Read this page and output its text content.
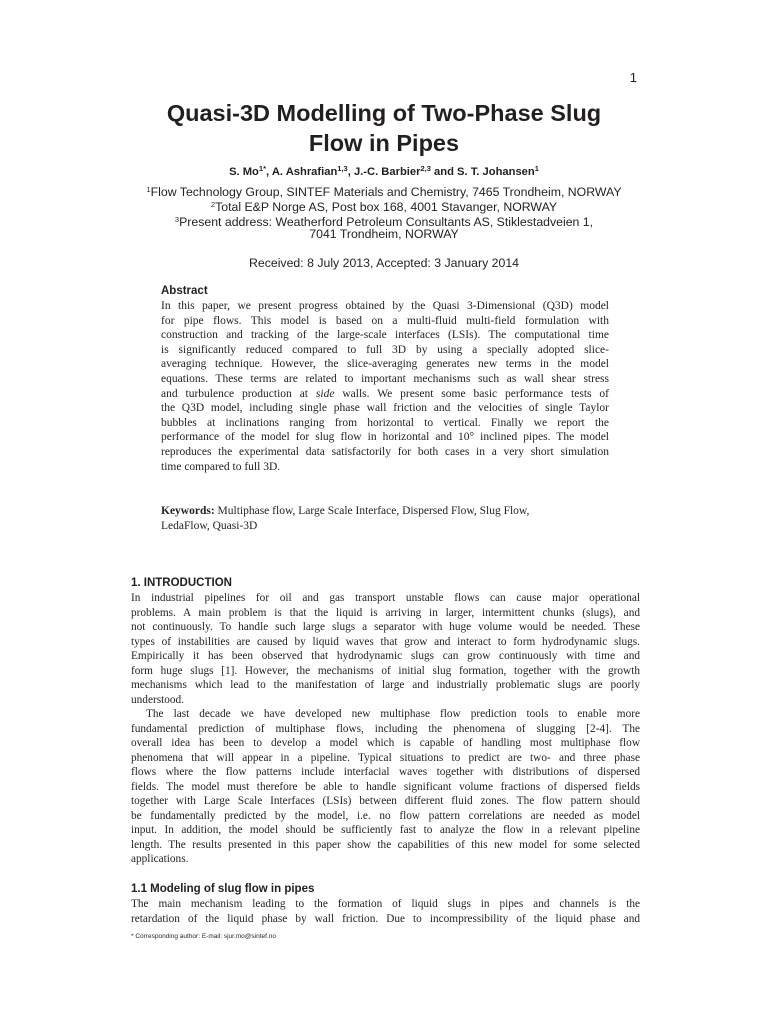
1
Quasi-3D Modelling of Two-Phase Slug
Flow in Pipes
S. $Mo^{1*}$, A. Ashrafian$^{1,3}$, J.-C. Barbier$^{2,3}$ and S. T. Johansen$^1$
$^1$Flow Technology Group, SINTEF Materials and Chemistry, 7465 Trondheim, NORWAY
$^2$Total E&P Norge AS, Post box 168, 4001 Stavanger, NORWAY
$^3$Present address: Weatherford Petroleum Consultants AS, Stiklestadveien 1,
7041 Trondheim, NORWAY
Received: 8 July 2013, Accepted: 3 January 2014
Abstract
In this paper, we present progress obtained by the Quasi 3-Dimensional (Q3D) model
for pipe flows. This model is based on a multi-fluid multi-field formulation with
construction and tracking of the large-scale interfaces (LSIs). The computational time
is significantly reduced compared to full 3D by using a specially adopted slice-
averaging technique. However, the slice-averaging generates new terms in the model
equations. These terms are related to important mechanisms such as wall shear stress
and turbulence production at side walls. We present some basic performance tests of
the Q3D model, including single phase wall friction and the velocities of single Taylor
bubbles at inclinations ranging from horizontal to vertical. Finally we report the
performance of the model for slug flow in horizontal and 10° inclined pipes. The model
reproduces the experimental data satisfactorily for both cases in a very short simulation
time compared to full 3D.
Keywords: Multiphase flow, Large Scale Interface, Dispersed Flow, Slug Flow,
LedaFlow, Quasi-3D
1. INTRODUCTION
In industrial pipelines for oil and gas transport unstable flows can cause major operational
problems. A main problem is that the liquid is arriving in larger, intermittent chunks (slugs), and
not continuously. To handle such large slugs a separator with huge volume would be needed. These
types of instabilities are caused by liquid waves that grow and interact to form hydrodynamic slugs.
Empirically it has been observed that hydrodynamic slugs can grow continuously with time and
form huge slugs [1]. However, the mechanisms of initial slug formation, together with the growth
mechanisms which lead to the manifestation of large and industrially problematic slugs are poorly
understood.
The last decade we have developed new multiphase flow prediction tools to enable more
fundamental prediction of multiphase flows, including the phenomena of slugging [2-4]. The
overall idea has been to develop a model which is capable of handling most multiphase flow
phenomena that will appear in a pipeline. Typical situations to predict are two- and three phase
flows where the flow patterns include interfacial waves together with distributions of dispersed
fields. The model must therefore be able to handle significant volume fractions of dispersed fields
together with Large Scale Interfaces (LSIs) between different fluid zones. The flow pattern should
be fundamentally predicted by the model, i.e. no flow pattern correlations are needed as model
input. In addition, the model should be sufficiently fast to analyze the flow in a relevant pipeline
length. The results presented in this paper show the capabilities of this new model for some selected
applications.
1.1 Modeling of slug flow in pipes
The main mechanism leading to the formation of liquid slugs in pipes and channels is the
retardation of the liquid phase by wall friction. Due to incompressibility of the liquid phase and
* Corresponding author: E-mail: sjur.mo@sintef.no
